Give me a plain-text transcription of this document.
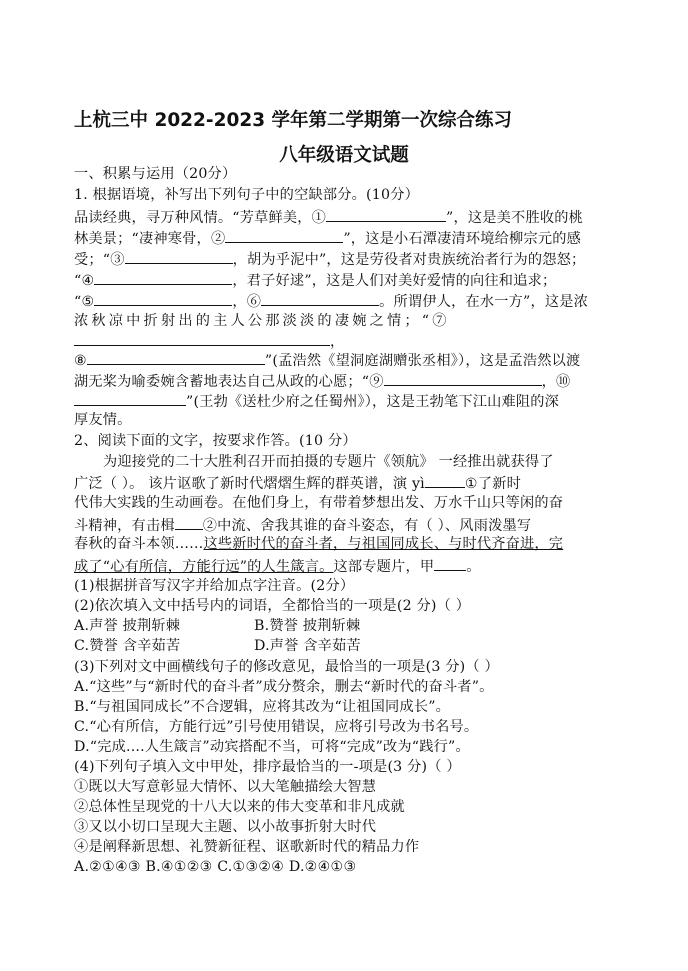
上杭三中 2022-2023 学年第二学期第一次综合练习
八年级语文试题
一、积累与运用（20分）
1. 根据语境，补写出下列句子中的空缺部分。(10分）
品读经典，寻万种风情。“芳草鲜美，①	”，这是美不胜收的桃
林美景；“凄神寒骨，②	”，这是小石潭凄清环境给柳宗元的感
受；“③	，胡为乎泥中”，这是劳役者对贵族统治者行为的怨怒；
“④	，君子好逑”，这是人们对美好爱情的向往和追求；
“⑤	，⑥	。所谓伊人，在水一方”，这是浓
浓秋凉中折射出的主人公那淡淡的凄婉之情；“⑦
，
⑧	”(孟浩然《望洞庭湖赠张丞相》），这是孟浩然以渡
湖无桨为喻委婉含蓄地表达自己从政的心愿；“⑨	，⑩
”(王勃《送杜少府之任蜀州》），这是王勃笔下江山难阻的深
厚友情。
2、阅读下面的文字，按要求作答。(10 分）
为迎接党的二十大胜利召开而拍摄的专题片《领航》 一经推出就获得了
广泛（ ）。 该片讴歌了新时代熠熠生辉的群英谱，演 yì	①了新时
代伟大实践的生动画卷。在他们身上，有带着梦想出发、万水千山只等闲的奋
斗精神，有击楫 ②中流、舍我其谁的奋斗姿态，有（ ）、风雨泼墨写
春秋的奋斗本领……这些新时代的奋斗者，与祖国同成长、与时代齐奋进，完
成了“心有所信，方能行远”的人生箴言。这部专题片，甲 。
(1)根据拼音写汉字并给加点字注音。(2分）
(2)依次填入文中括号内的词语，全都恰当的一项是(2 分)（ ）
A.声誉 披荆斩棘	B.赞誉 披荆斩棘
C.赞誉 含辛茹苦	D.声誉 含辛茹苦
(3)下列对文中画横线句子的修改意见，最恰当的一项是(3 分)（ ）
A.“这些”与“新时代的奋斗者”成分赘余，删去“新时代的奋斗者”。
B.“与祖国同成长”不合逻辑，应将其改为“让祖国同成长”。
C.“心有所信，方能行远”引号使用错误，应将引号改为书名号。
D.“完成....人生箴言”动宾搭配不当，可将“完成”改为“践行”。
(4)下列句子填入文中甲处，排序最恰当的一-项是(3 分)（ ）
①既以大写意彰显大情怀、以大笔触描绘大智慧
②总体性呈现党的十八大以来的伟大变革和非凡成就
③又以小切口呈现大主题、以小故事折射大时代
④是阐释新思想、礼赞新征程、讴歌新时代的精品力作
A.②①④③ B.④①②③ C.①③②④ D.②④①③
